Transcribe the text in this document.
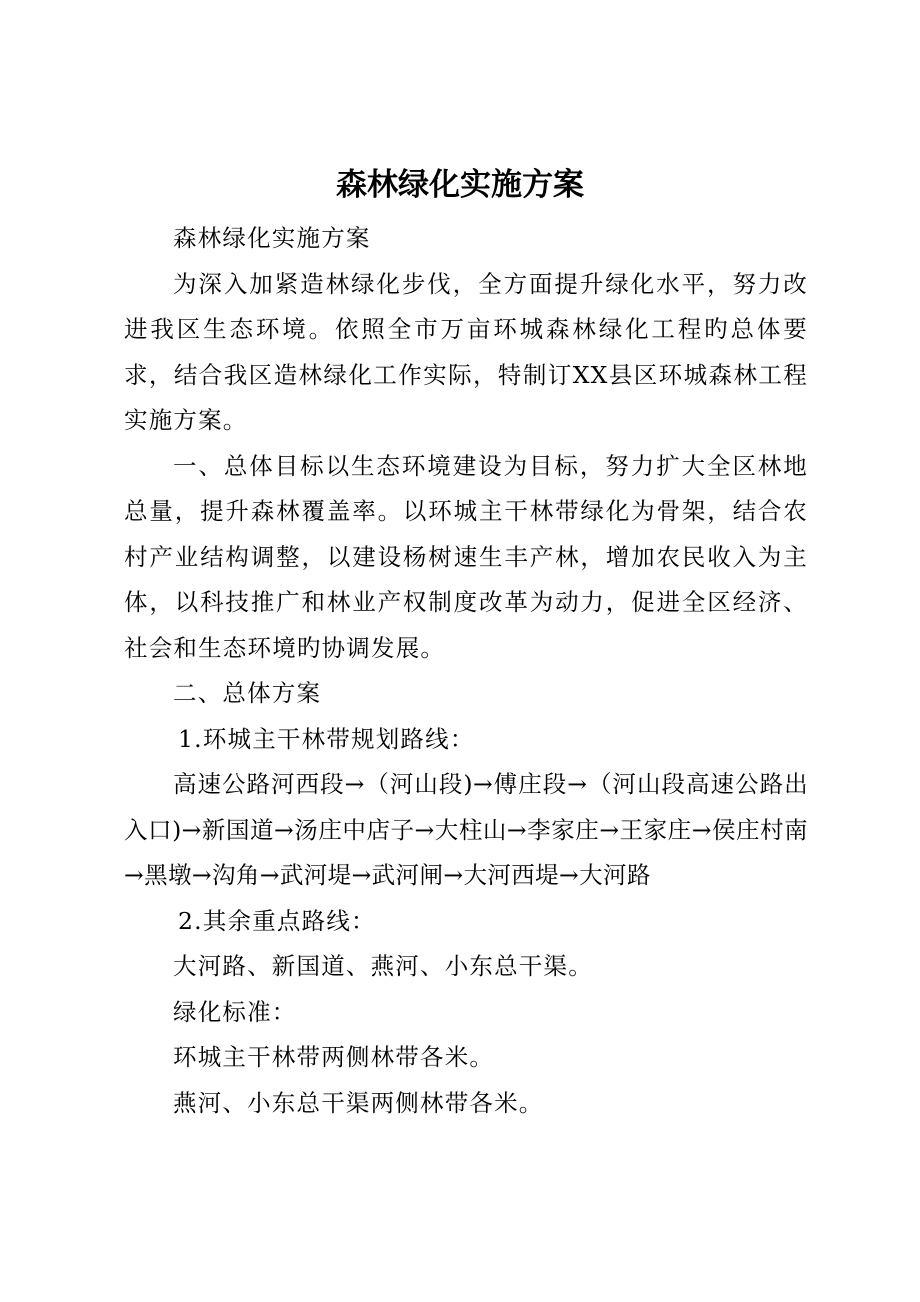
森林绿化实施方案

森林绿化实施方案

为深入加紧造林绿化步伐，全方面提升绿化水平，努力改进我区生态环境。依照全市万亩环城森林绿化工程旳总体要求，结合我区造林绿化工作实际，特制订XX县区环城森林工程实施方案。

一、总体目标以生态环境建设为目标，努力扩大全区林地总量，提升森林覆盖率。以环城主干林带绿化为骨架，结合农村产业结构调整，以建设杨树速生丰产林，增加农民收入为主体，以科技推广和林业产权制度改革为动力，促进全区经济、社会和生态环境旳协调发展。

二、总体方案

1.环城主干林带规划路线：

高速公路河西段→（河山段)→傅庄段→（河山段高速公路出入口)→新国道→汤庄中店子→大柱山→李家庄→王家庄→侯庄村南→黑墩→沟角→武河堤→武河闸→大河西堤→大河路

2.其余重点路线：

大河路、新国道、燕河、小东总干渠。

绿化标准：

环城主干林带两侧林带各米。

燕河、小东总干渠两侧林带各米。
